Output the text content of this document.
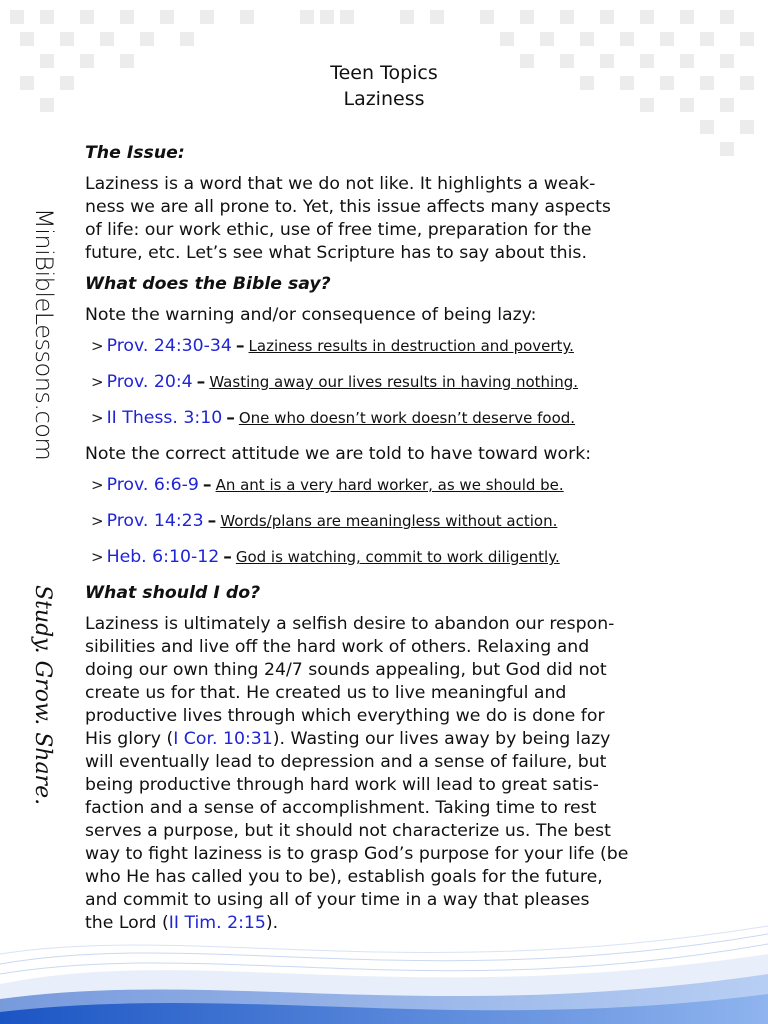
MiniBibleLessons.com
Study. Grow. Share.
Teen Topics
Laziness
The Issue:
Laziness is a word that we do not like. It highlights a weak-
ness we are all prone to. Yet, this issue affects many aspects
of life: our work ethic, use of free time, preparation for the
future, etc. Let’s see what Scripture has to say about this.
What does the Bible say?
Note the warning and/or consequence of being lazy:
> Prov. 24:30-34 – Laziness results in destruction and poverty.
> Prov. 20:4 – Wasting away our lives results in having nothing.
> II Thess. 3:10 – One who doesn’t work doesn’t deserve food.
Note the correct attitude we are told to have toward work:
> Prov. 6:6-9 – An ant is a very hard worker, as we should be.
> Prov. 14:23 – Words/plans are meaningless without action.
> Heb. 6:10-12 – God is watching, commit to work diligently.
What should I do?
Laziness is ultimately a selfish desire to abandon our respon-
sibilities and live off the hard work of others. Relaxing and
doing our own thing 24/7 sounds appealing, but God did not
create us for that. He created us to live meaningful and
productive lives through which everything we do is done for
His glory (I Cor. 10:31). Wasting our lives away by being lazy
will eventually lead to depression and a sense of failure, but
being productive through hard work will lead to great satis-
faction and a sense of accomplishment. Taking time to rest
serves a purpose, but it should not characterize us. The best
way to fight laziness is to grasp God’s purpose for your life (be
who He has called you to be), establish goals for the future,
and commit to using all of your time in a way that pleases
the Lord (II Tim. 2:15).
